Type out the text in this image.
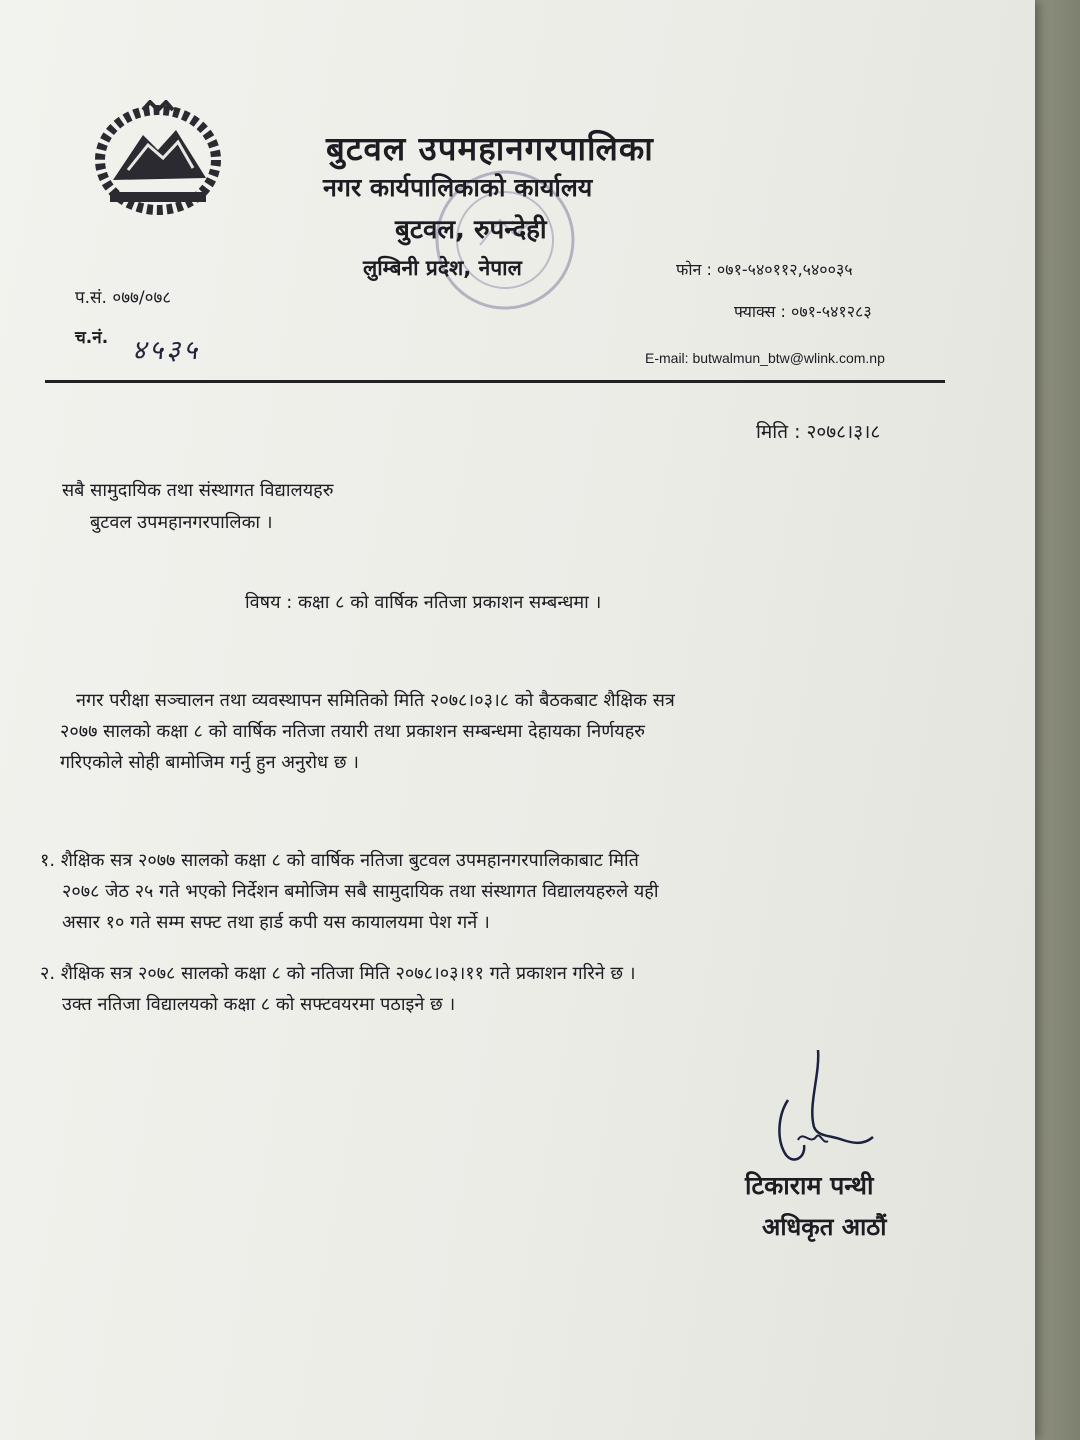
बुटवल उपमहानगरपालिका
नगर कार्यपालिकाको कार्यालय
बुटवल, रुपन्देही
लुम्बिनी प्रदेश, नेपाल	फोन : ०७१-५४०११२,५४००३५
फ्याक्स : ०७१-५४१२८३
E-mail: butwalmun_btw@wlink.com.np
प.सं. ०७७/०७८
च.नं. ४५३५
मिति : २०७८।३।८
सबै सामुदायिक तथा संस्थागत विद्यालयहरु
बुटवल उपमहानगरपालिका ।
विषय : कक्षा ८ को वार्षिक नतिजा प्रकाशन सम्बन्धमा ।

नगर परीक्षा सञ्चालन तथा व्यवस्थापन समितिको मिति २०७८।०३।८ को बैठकबाट शैक्षिक सत्र

२०७७ सालको कक्षा ८ को वार्षिक नतिजा तयारी तथा प्रकाशन सम्बन्धमा देहायका निर्णयहरु

गरिएकोले सोही बामोजिम गर्नु हुन अनुरोध छ ।

१. शैक्षिक सत्र २०७७ सालको कक्षा ८ को वार्षिक नतिजा बुटवल उपमहानगरपालिकाबाट मिति

२०७८ जेठ २५ गते भएको निर्देशन बमोजिम सबै सामुदायिक तथा संस्थागत विद्यालयहरुले यही

असार १० गते सम्म सफ्ट तथा हार्ड कपी यस कायालयमा पेश गर्ने ।

२. शैक्षिक सत्र २०७८ सालको कक्षा ८ को नतिजा मिति २०७८।०३।११ गते प्रकाशन गरिने छ ।

उक्त नतिजा विद्यालयको कक्षा ८ को सफ्टवयरमा पठाइने छ ।

टिकाराम पन्थी
अधिकृत आठौं
